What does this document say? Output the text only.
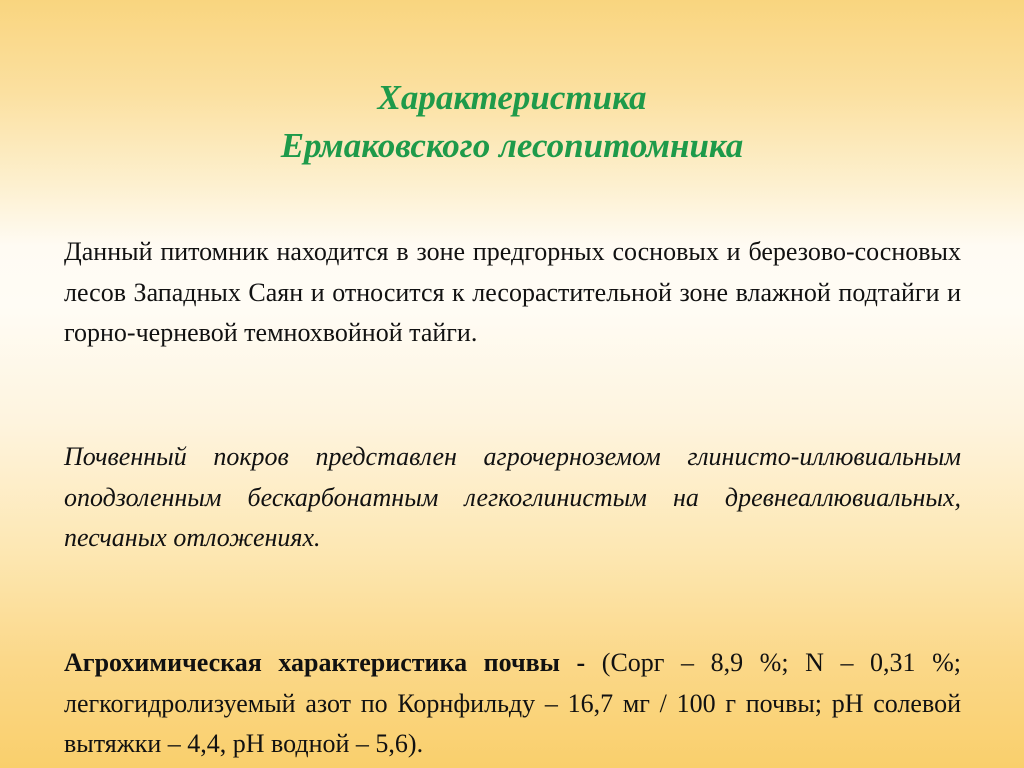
Характеристика
Ермаковского лесопитомника
Данный питомник находится в зоне предгорных сосновых и березово-сосновых лесов Западных Саян и относится к лесорастительной зоне влажной подтайги и горно-черневой темнохвойной тайги.
Почвенный покров представлен агрочерноземом глинисто-иллювиальным оподзоленным бескарбонатным легкоглинистым на древнеаллювиальных, песчаных отложениях.
Агрохимическая характеристика почвы - (Сорг – 8,9 %; N – 0,31 %; легкогидролизуемый азот по Корнфильду – 16,7 мг / 100 г почвы; pH солевой вытяжки – 4,4, pH водной – 5,6).
